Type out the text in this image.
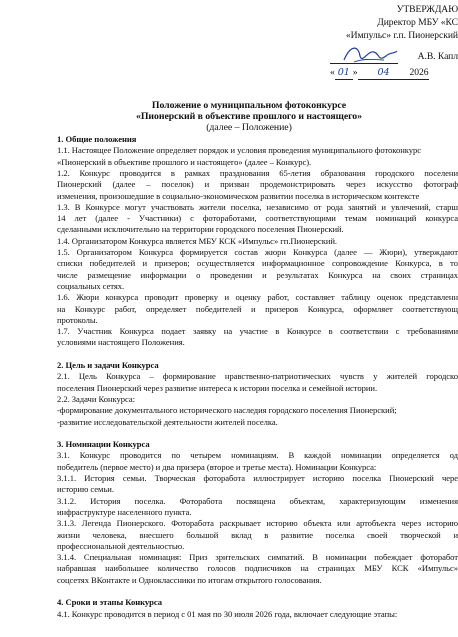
УТВЕРЖДАЮ
Директор МБУ «КС
«Импульс» г.п. Пионерский
А.В. Капл
« 01 » 04 2026
Положение о муниципальном фотоконкурсе
«Пионерский в объективе прошлого и настоящего»
(далее – Положение)
1. Общие положения
1.1. Настоящее Положение определяет порядок и условия проведения муниципального фотоконкурс
«Пионерский в объективе прошлого и настоящего» (далее – Конкурс).
1.2. Конкурс проводится в рамках празднования 65-летия образования городского поселени
Пионерский (далее – поселок) и призван продемонстрировать через искусство фотограф
изменения, произошедшие в социально-экономическом развитии поселка в историческом контексте
1.3. В Конкурсе могут участвовать жители поселка, независимо от рода занятий и увлечений, старш
14 лет (далее - Участники) с фотоработами, соответствующими темам номинаций конкурса
сделанными исключительно на территории городского поселения Пионерский.
1.4. Организатором Конкурса является МБУ КСК «Импульс» гп.Пионерский.
1.5. Организатором Конкурса формируется состав жюри Конкурса (далее — Жюри), утверждают
списки победителей и призеров; осуществляется информационное сопровождение Конкурса, в то
числе размещение информации о проведении и результатах Конкурса на своих страницах
социальных сетях.
1.6. Жюри конкурса проводит проверку и оценку работ, составляет таблицу оценок представленн
на Конкурс работ, определяет победителей и призеров Конкурса, оформляет соответствующ
протоколы.
1.7. Участник Конкурса подает заявку на участие в Конкурсе в соответствии с требованиями
условиями настоящего Положения.
2. Цель и задачи Конкурса
2.1. Цель Конкурса – формирование нравственно-патриотических чувств у жителей городско
поселения Пионерский через развитие интереса к истории поселка и семейной истории.
2.2. Задачи Конкурса:
-формирование документального исторического наследия городского поселения Пионерский;
-развитие исследовательской деятельности жителей поселка.
3. Номинации Конкурса
3.1. Конкурс проводится по четырем номинациям. В каждой номинации определяется од
победитель (первое место) и два призера (второе и третье места). Номинации Конкурса:
3.1.1. История семьи. Творческая фоторабота иллюстрирует историю поселка Пионерский чере
историю семьи.
3.1.2. История поселка. Фоторабота посвящена объектам, характеризующим изменения
инфраструктуре населенного пункта.
3.1.3. Легенда Пионерского. Фоторабота раскрывает историю объекта или артобъекта через историю
жизни человека, внесшего большой вклад в развитие поселка своей творческой и
профессиональной деятельностью.
3.1.4. Специальная номинация: Приз зрительских симпатий. В номинации побеждает фоторабот
набравшая наибольшее количество голосов подписчиков на страницах МБУ КСК «Импульс»
соцсетях ВКонтакте и Одноклассники по итогам открытого голосования.
4. Сроки и этапы Конкурса
4.1. Конкурс проводится в период с 01 мая по 30 июля 2026 года, включает следующие этапы:
